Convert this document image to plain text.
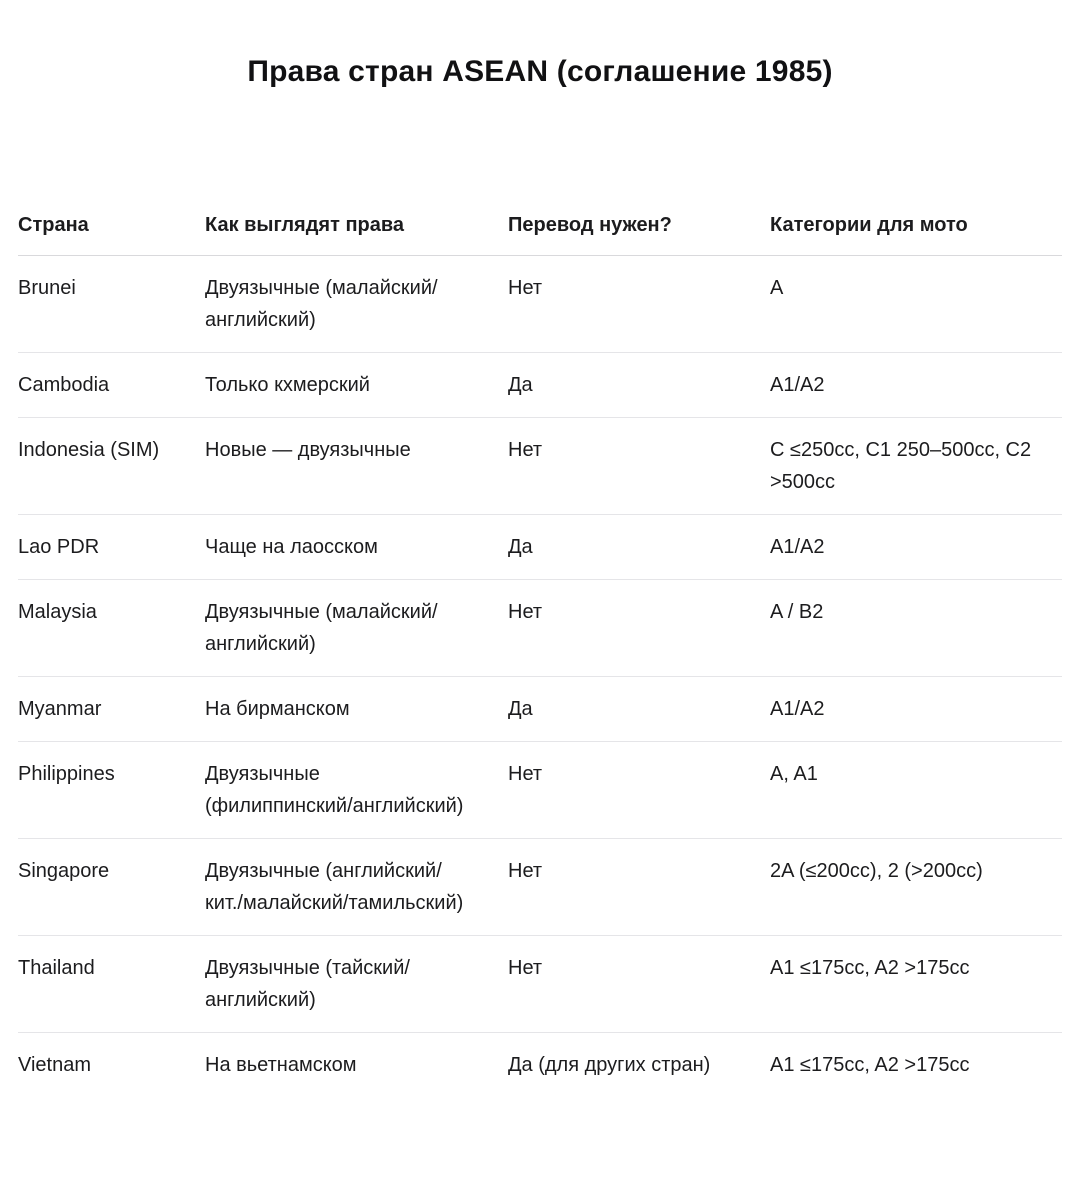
Права стран ASEAN (соглашение 1985)
Страна	Как выглядят права	Перевод нужен?	Категории для мото
Brunei	Двуязычные (малайский/английский)	Нет	A
Cambodia	Только кхмерский	Да	A1/A2
Indonesia (SIM)	Новые — двуязычные	Нет	C ≤250cc, C1 250–500cc, C2 >500cc
Lao PDR	Чаще на лаосском	Да	A1/A2
Malaysia	Двуязычные (малайский/английский)	Нет	A / B2
Myanmar	На бирманском	Да	A1/A2
Philippines	Двуязычные (филиппинский/английский)	Нет	A, A1
Singapore	Двуязычные (английский/кит./малайский/тамильский)	Нет	2A (≤200cc), 2 (>200cc)
Thailand	Двуязычные (тайский/английский)	Нет	A1 ≤175cc, A2 >175cc
Vietnam	На вьетнамском	Да (для других стран)	A1 ≤175cc, A2 >175cc
